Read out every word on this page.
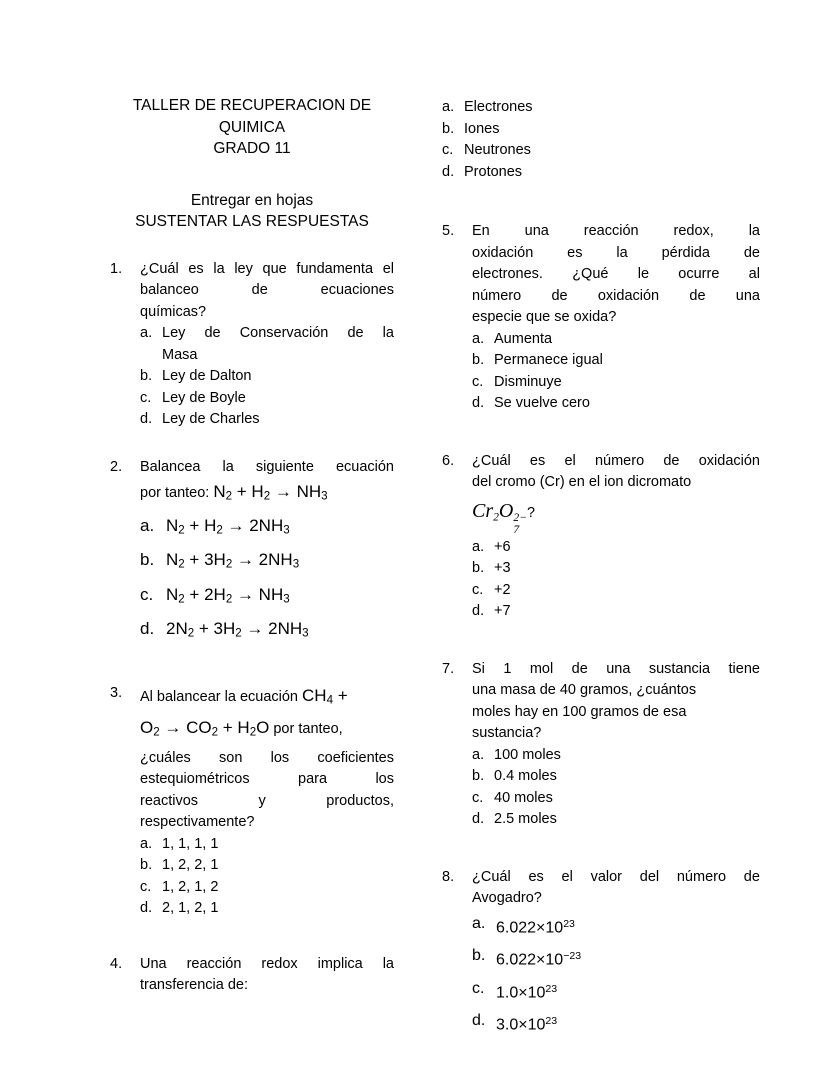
TALLER DE RECUPERACION DE
QUIMICA
GRADO 11
Entregar en hojas
SUSTENTAR LAS RESPUESTAS
1.	¿Cuál es la ley que fundamenta el
balanceo	de	ecuaciones
químicas?
a. Ley de Conservación de la
Masa
b. Ley de Dalton
c. Ley de Boyle
d. Ley de Charles
2.	Balancea la siguiente ecuación
por tanteo: $N_2 + H_2 \to NH_3$
a. $N_2 + H_2 \to 2NH_3$
b. $N_2 + 3H_2 \to 2NH_3$
c. $N_2 + 2H_2 \to NH_3$
d. $2N_2 + 3H_2 \to 2NH_3$
3.	Al balancear la ecuación $CH_4$ +
$O_2 \to CO_2 + H_2O$ por tanteo,
¿cuáles son los coeficientes
estequiométricos	para	los
reactivos	y	productos,
respectivamente?
a. 1, 1, 1, 1
b. 1, 2, 2, 1
c. 1, 2, 1, 2
d. 2, 1, 2, 1
4.	Una reacción redox implica la
transferencia de:
a. Electrones
b. Iones
c. Neutrones
d. Protones
5.	En una reacción redox, la
oxidación es la pérdida de
electrones. ¿Qué le ocurre al
número de oxidación de una
especie que se oxida?
a. Aumenta
b. Permanece igual
c. Disminuye
d. Se vuelve cero
6.	¿Cuál es el número de oxidación
del cromo (Cr) en el ion dicromato
Cr2O 2−
7
?
a. +6
b. +3
c. +2
d. +7
7.	Si 1 mol de una sustancia tiene
una masa de 40 gramos, ¿cuántos
moles hay en 100 gramos de esa
sustancia?
a. 100 moles
b. 0.4 moles
c. 40 moles
d. 2.5 moles
8.	¿Cuál es el valor del número de
Avogadro?
a. $6.022\times 10^{23}$
b. $6.022\times 10^{-23}$
c. $1.0\times 10^{23}$
d. $3.0\times 10^{23}$
